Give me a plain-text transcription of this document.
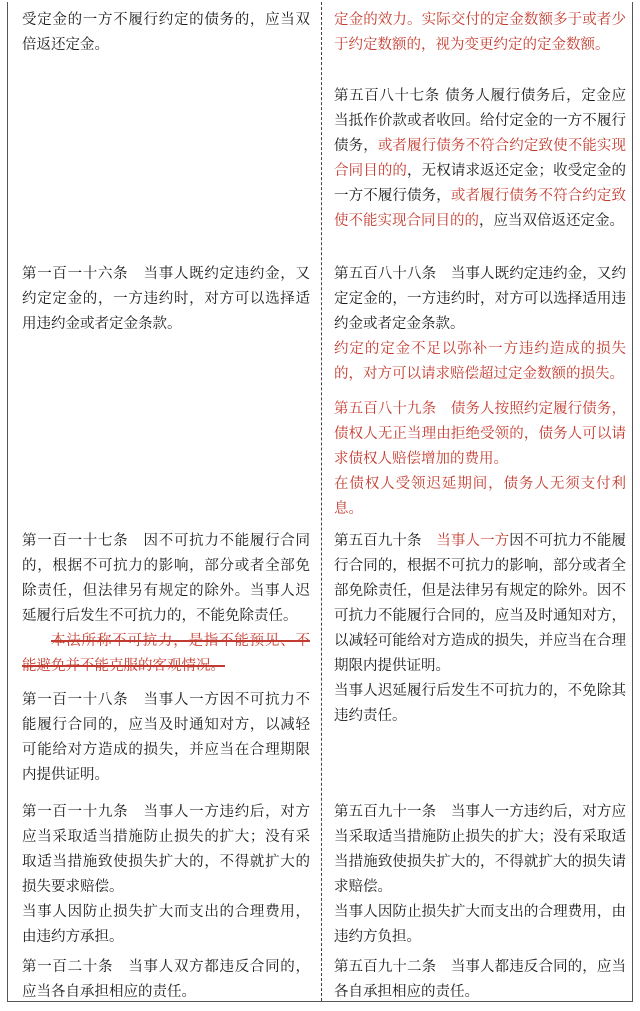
受定金的一方不履行约定的债务的，应当双倍返还定金。

第一百一十六条　当事人既约定违约金，又约定定金的，一方违约时，对方可以选择适用违约金或者定金条款。

第一百一十七条　因不可抗力不能履行合同的，根据不可抗力的影响，部分或者全部免除责任，但法律另有规定的除外。当事人迟延履行后发生不可抗力的，不能免除责任。

本法所称不可抗力，是指不能预见、不能避免并不能克服的客观情况。

第一百一十八条　当事人一方因不可抗力不能履行合同的，应当及时通知对方，以减轻可能给对方造成的损失，并应当在合理期限内提供证明。

第一百一十九条　当事人一方违约后，对方应当采取适当措施防止损失的扩大；没有采取适当措施致使损失扩大的，不得就扩大的损失要求赔偿。

当事人因防止损失扩大而支出的合理费用，由违约方承担。

第一百二十条　当事人双方都违反合同的，应当各自承担相应的责任。

定金的效力。实际交付的定金数额多于或者少于约定数额的，视为变更约定的定金数额。

第五百八十七条 债务人履行债务后，定金应当抵作价款或者收回。给付定金的一方不履行债务，或者履行债务不符合约定致使不能实现合同目的的，无权请求返还定金；收受定金的一方不履行债务，或者履行债务不符合约定致使不能实现合同目的的，应当双倍返还定金。

第五百八十八条　当事人既约定违约金，又约定定金的，一方违约时，对方可以选择适用违约金或者定金条款。

约定的定金不足以弥补一方违约造成的损失的，对方可以请求赔偿超过定金数额的损失。

第五百八十九条　债务人按照约定履行债务，债权人无正当理由拒绝受领的，债务人可以请求债权人赔偿增加的费用。

在债权人受领迟延期间，债务人无须支付利息。

第五百九十条　 当事人一方因不可抗力不能履行合同的，根据不可抗力的影响，部分或者全部免除责任，但是法律另有规定的除外。因不可抗力不能履行合同的，应当及时通知对方，以减轻可能给对方造成的损失，并应当在合理期限内提供证明。

当事人迟延履行后发生不可抗力的，不免除其违约责任。

第五百九十一条　当事人一方违约后，对方应当采取适当措施防止损失的扩大；没有采取适当措施致使损失扩大的，不得就扩大的损失请求赔偿。

当事人因防止损失扩大而支出的合理费用，由违约方负担。

第五百九十二条　当事人都违反合同的，应当各自承担相应的责任。
